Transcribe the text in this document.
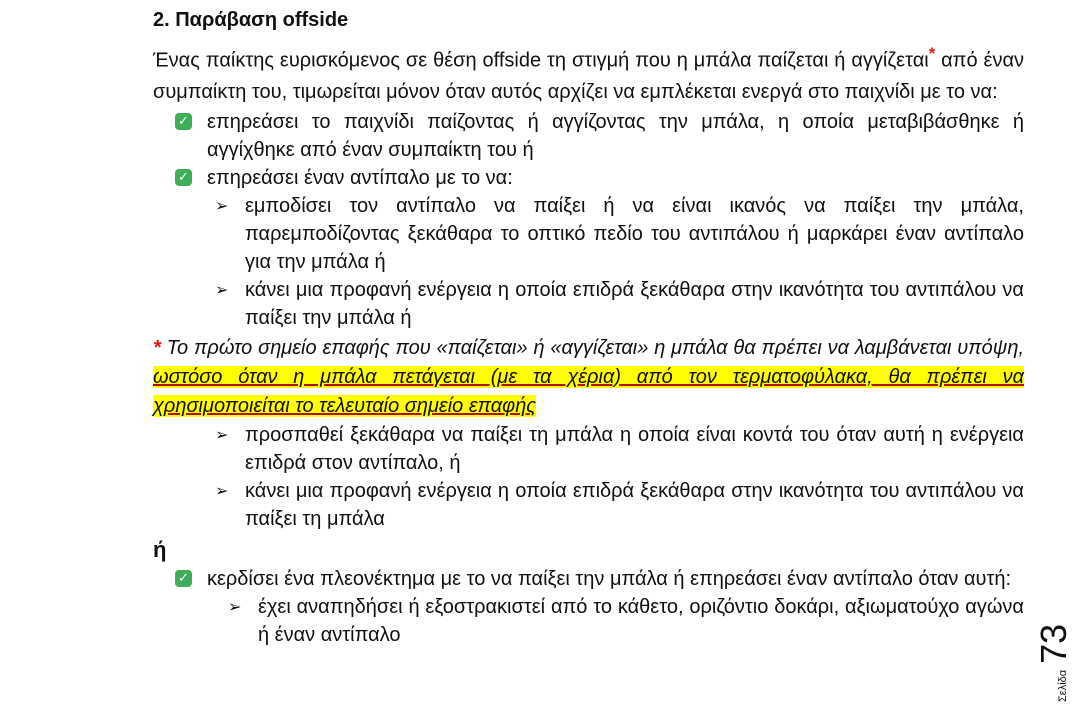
2. Παράβαση offside
Ένας παίκτης ευρισκόμενος σε θέση offside τη στιγμή που η μπάλα παίζεται ή αγγίζεται* από έναν συμπαίκτη του, τιμωρείται μόνον όταν αυτός αρχίζει να εμπλέκεται ενεργά στο παιχνίδι με το να:
✓ επηρεάσει το παιχνίδι παίζοντας ή αγγίζοντας την μπάλα, η οποία μεταβιβάσθηκε ή αγγίχθηκε από έναν συμπαίκτη του ή
✓ επηρεάσει έναν αντίπαλο με το να:
➢ εμποδίσει τον αντίπαλο να παίξει ή να είναι ικανός να παίξει την μπάλα, παρεμποδίζοντας ξεκάθαρα το οπτικό πεδίο του αντιπάλου ή μαρκάρει έναν αντίπαλο για την μπάλα ή
➢ κάνει μια προφανή ενέργεια η οποία επιδρά ξεκάθαρα στην ικανότητα του αντιπάλου να παίξει την μπάλα ή
* Το πρώτο σημείο επαφής που «παίζεται» ή «αγγίζεται» η μπάλα θα πρέπει να λαμβάνεται υπόψη, ωστόσο όταν η μπάλα πετάγεται (με τα χέρια) από τον τερματοφύλακα, θα πρέπει να χρησιμοποιείται το τελευταίο σημείο επαφής
➢ προσπαθεί ξεκάθαρα να παίξει τη μπάλα η οποία είναι κοντά του όταν αυτή η ενέργεια επιδρά στον αντίπαλο, ή
➢ κάνει μια προφανή ενέργεια η οποία επιδρά ξεκάθαρα στην ικανότητα του αντιπάλου να παίξει τη μπάλα
ή
✓ κερδίσει ένα πλεονέκτημα με το να παίξει την μπάλα ή επηρεάσει έναν αντίπαλο όταν αυτή:
➢ έχει αναπηδήσει ή εξοστρακιστεί από το κάθετο, οριζόντιο δοκάρι, αξιωματούχο αγώνα ή έναν αντίπαλο
Σελίδα
73
